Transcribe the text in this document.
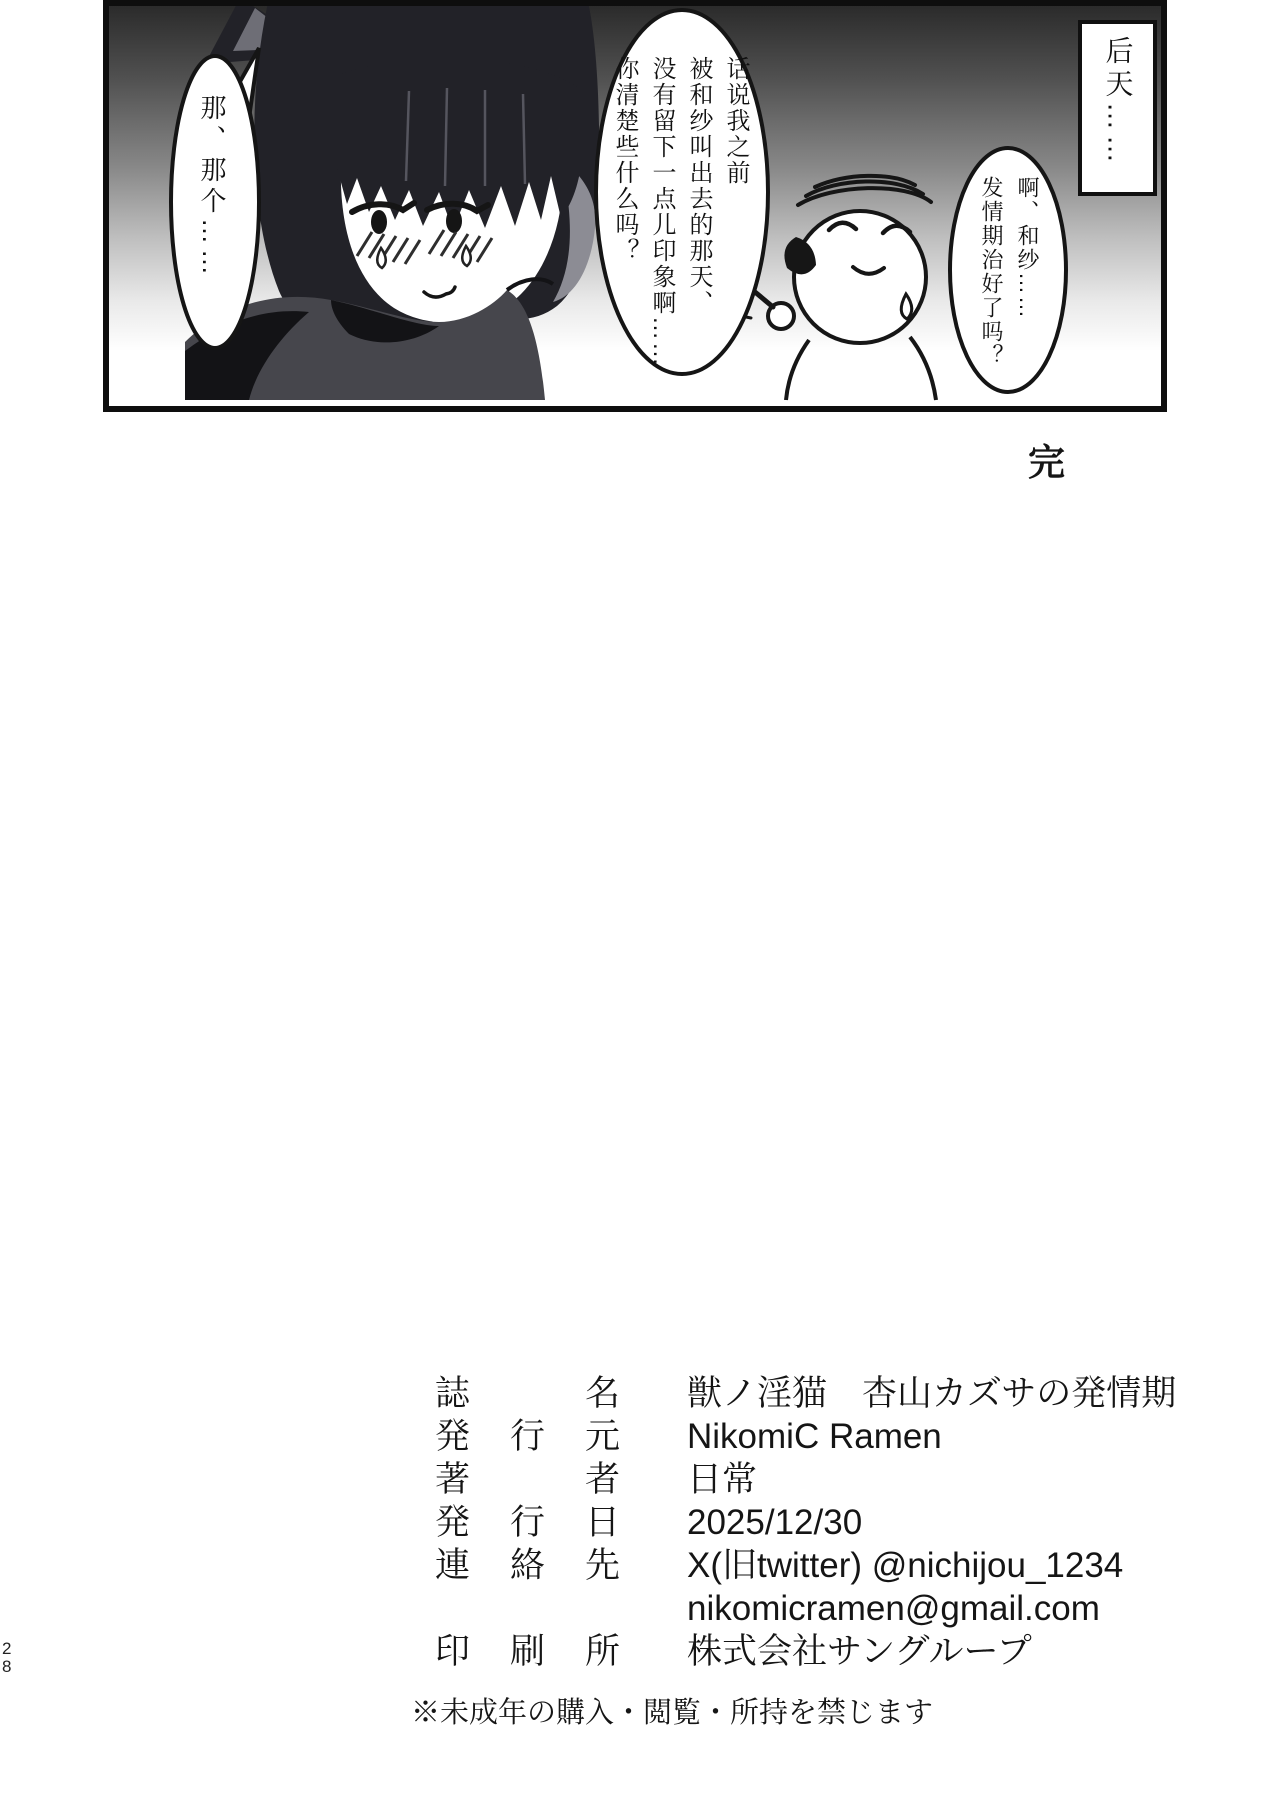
后天……
那、那个……	话说我之前
被和纱叫出去的那天、
没有留下一点儿印象啊……
你清楚些什么吗？	啊、和纱……
发情期治好了吗？
完
誌	名 獣ノ淫猫　杏山カズサの発情期
発 行 元 NikomiC Ramen
著	者 日常
発 行 日 2025/12/30
連 絡 先 X(旧twitter) @nichijou_1234
nikomicramen@gmail.com
印 刷 所 株式会社サングループ
※未成年の購入・閲覧・所持を禁じます
28
